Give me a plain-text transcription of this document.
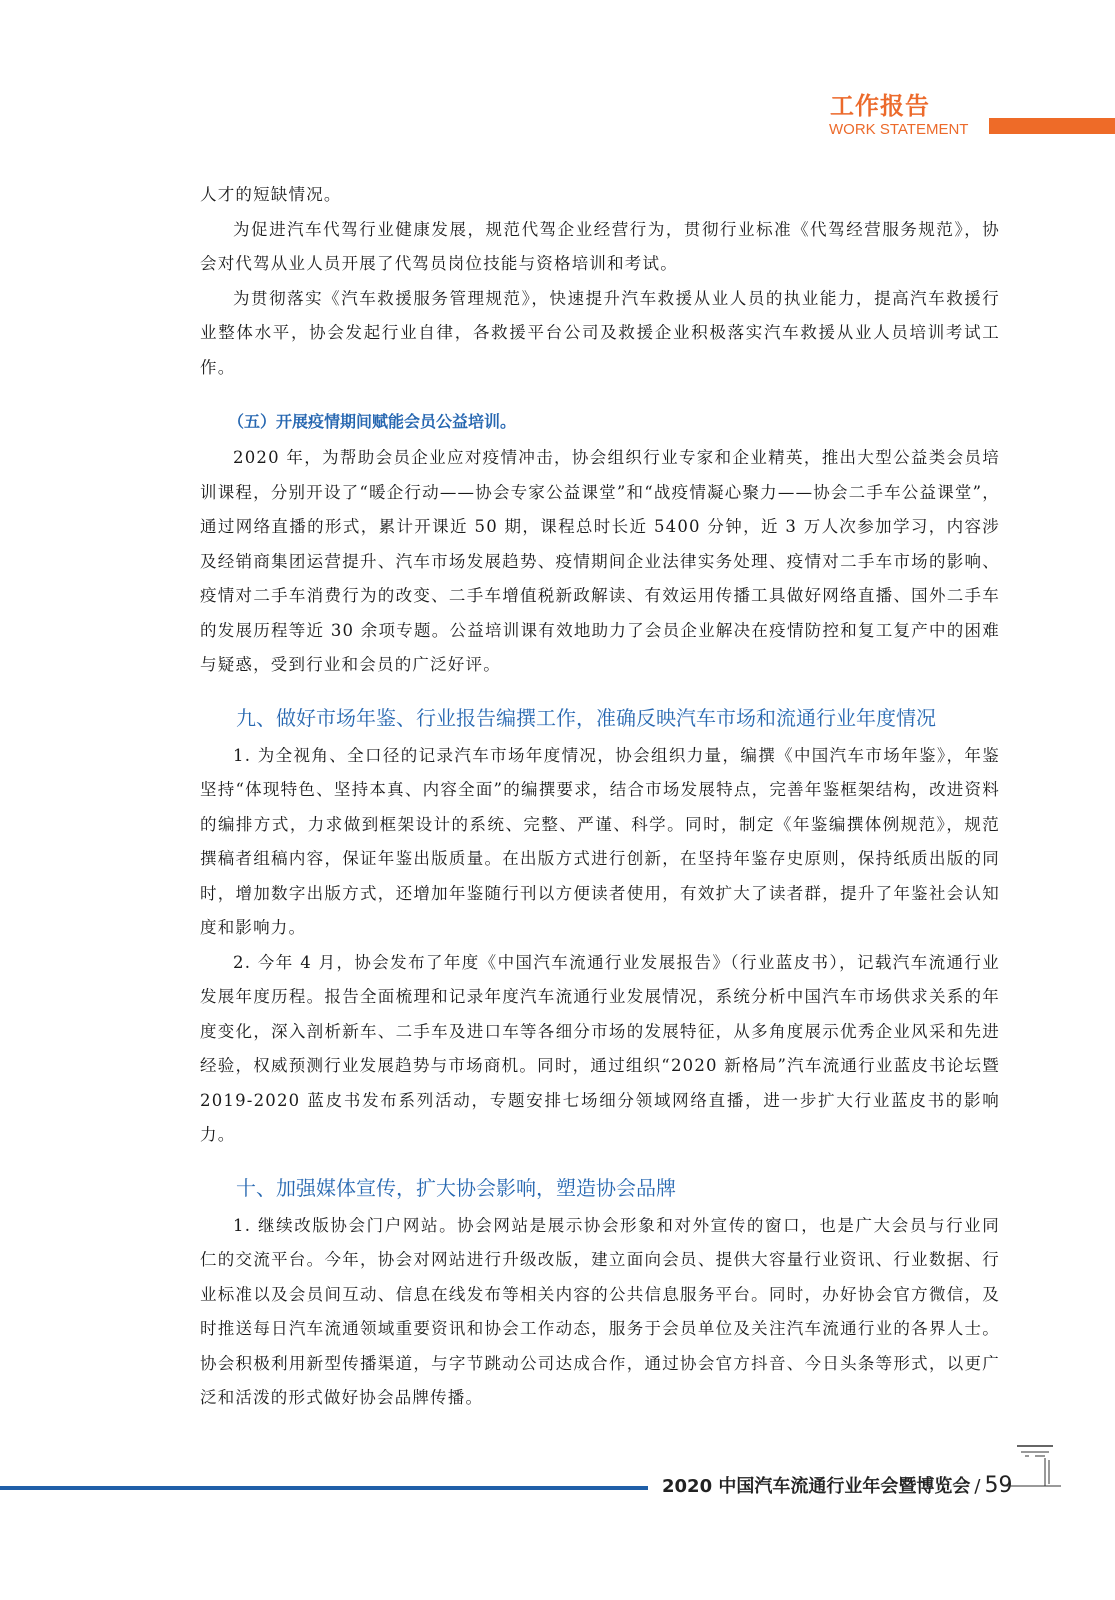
工作报告
WORK STATEMENT

人才的短缺情况。

为促进汽车代驾行业健康发展，规范代驾企业经营行为，贯彻行业标准《代驾经营服务规范》，协会对代驾从业人员开展了代驾员岗位技能与资格培训和考试。

为贯彻落实《汽车救援服务管理规范》，快速提升汽车救援从业人员的执业能力，提高汽车救援行业整体水平，协会发起行业自律，各救援平台公司及救援企业积极落实汽车救援从业人员培训考试工作。

（五）开展疫情期间赋能会员公益培训。

2020 年，为帮助会员企业应对疫情冲击，协会组织行业专家和企业精英，推出大型公益类会员培训课程，分别开设了“暖企行动——协会专家公益课堂”和“战疫情凝心聚力——协会二手车公益课堂”，通过网络直播的形式，累计开课近 50 期，课程总时长近 5400 分钟，近 3 万人次参加学习，内容涉及经销商集团运营提升、汽车市场发展趋势、疫情期间企业法律实务处理、疫情对二手车市场的影响、疫情对二手车消费行为的改变、二手车增值税新政解读、有效运用传播工具做好网络直播、国外二手车的发展历程等近 30 余项专题。公益培训课有效地助力了会员企业解决在疫情防控和复工复产中的困难与疑惑，受到行业和会员的广泛好评。

九、做好市场年鉴、行业报告编撰工作，准确反映汽车市场和流通行业年度情况

1. 为全视角、全口径的记录汽车市场年度情况，协会组织力量，编撰《中国汽车市场年鉴》，年鉴坚持“体现特色、坚持本真、内容全面”的编撰要求，结合市场发展特点，完善年鉴框架结构，改进资料的编排方式，力求做到框架设计的系统、完整、严谨、科学。同时，制定《年鉴编撰体例规范》，规范撰稿者组稿内容，保证年鉴出版质量。在出版方式进行创新，在坚持年鉴存史原则，保持纸质出版的同时，增加数字出版方式，还增加年鉴随行刊以方便读者使用，有效扩大了读者群，提升了年鉴社会认知度和影响力。

2. 今年 4 月，协会发布了年度《中国汽车流通行业发展报告》（行业蓝皮书），记载汽车流通行业发展年度历程。报告全面梳理和记录年度汽车流通行业发展情况，系统分析中国汽车市场供求关系的年度变化，深入剖析新车、二手车及进口车等各细分市场的发展特征，从多角度展示优秀企业风采和先进经验，权威预测行业发展趋势与市场商机。同时，通过组织“2020 新格局”汽车流通行业蓝皮书论坛暨 2019-2020 蓝皮书发布系列活动，专题安排七场细分领域网络直播，进一步扩大行业蓝皮书的影响力。

十、加强媒体宣传，扩大协会影响，塑造协会品牌

1. 继续改版协会门户网站。协会网站是展示协会形象和对外宣传的窗口，也是广大会员与行业同仁的交流平台。今年，协会对网站进行升级改版，建立面向会员、提供大容量行业资讯、行业数据、行业标准以及会员间互动、信息在线发布等相关内容的公共信息服务平台。同时，办好协会官方微信，及时推送每日汽车流通领域重要资讯和协会工作动态，服务于会员单位及关注汽车流通行业的各界人士。协会积极利用新型传播渠道，与字节跳动公司达成合作，通过协会官方抖音、今日头条等形式，以更广泛和活泼的形式做好协会品牌传播。

2020 中国汽车流通行业年会暨博览会 / 59
